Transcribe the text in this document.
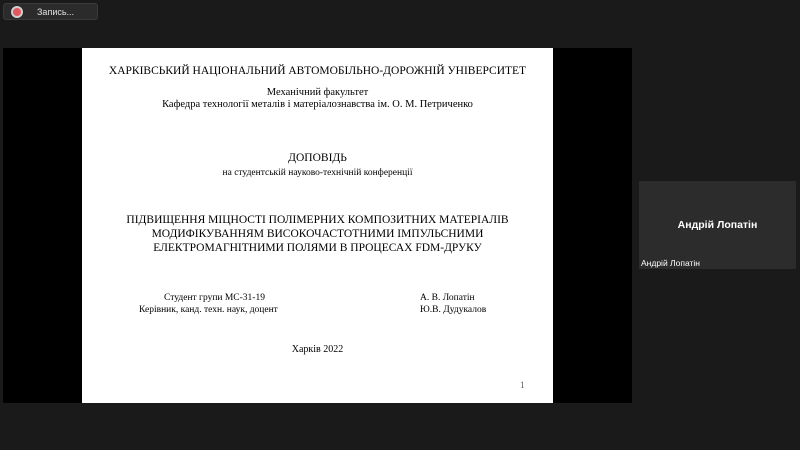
Запись...
ХАРКІВСЬКИЙ НАЦІОНАЛЬНИЙ АВТОМОБІЛЬНО-ДОРОЖНІЙ УНІВЕРСИТЕТ
Механічний факультет
Кафедра технології металів і матеріалознавства ім. О. М. Петриченко
ДОПОВІДЬ
на студентській науково-технічній конференції
ПІДВИЩЕННЯ МІЦНОСТІ ПОЛІМЕРНИХ КОМПОЗИТНИХ МАТЕРІАЛІВ
МОДИФІКУВАННЯМ ВИСОКОЧАСТОТНИМИ ІМПУЛЬСНИМИ
ЕЛЕКТРОМАГНІТНИМИ ПОЛЯМИ В ПРОЦЕСАХ FDM-ДРУКУ
Студент групи МС-31-19	А. В. Лопатін
Керівник, канд. техн. наук, доцент	Ю.В. Дудукалов
Харків 2022
1
Андрій Лопатін
Андрій Лопатін
